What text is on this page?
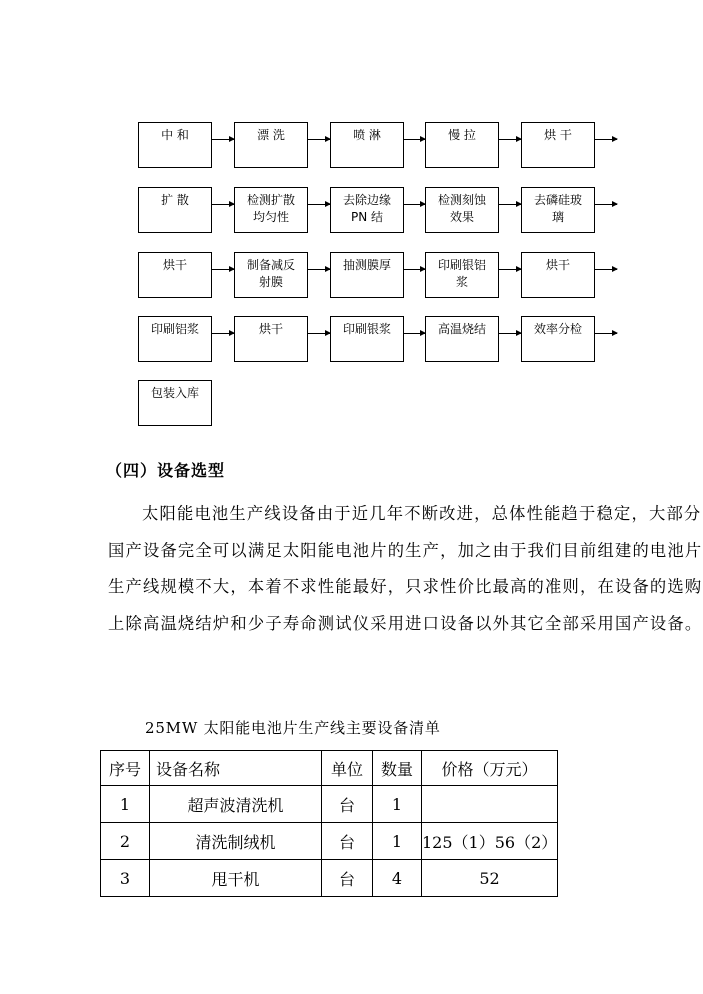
中 和	漂 洗	喷 淋	慢 拉	烘 干
扩 散	检测扩散
均匀性
去除边缘
PN 结
检测刻蚀
效果
去磷硅玻
璃
烘干	制备减反
射膜
抽测膜厚	印刷银铝
浆
烘干
印刷铝浆	烘干	印刷银浆	高温烧结	效率分检
包装入库
（四）设备选型

太阳能电池生产线设备由于近几年不断改进，总体性能趋于稳定，大部分国产设备完全可以满足太阳能电池片的生产，加之由于我们目前组建的电池片生产线规模不大，本着不求性能最好，只求性价比最高的准则，在设备的选购上除高温烧结炉和少子寿命测试仪采用进口设备以外其它全部采用国产设备。

25MW 太阳能电池片生产线主要设备清单
序号	设备名称	单位	数量	价格（万元）
1	超声波清洗机	台	1	
2	清洗制绒机	台	1	125（1）56（2）
3	甩干机	台	4	52
